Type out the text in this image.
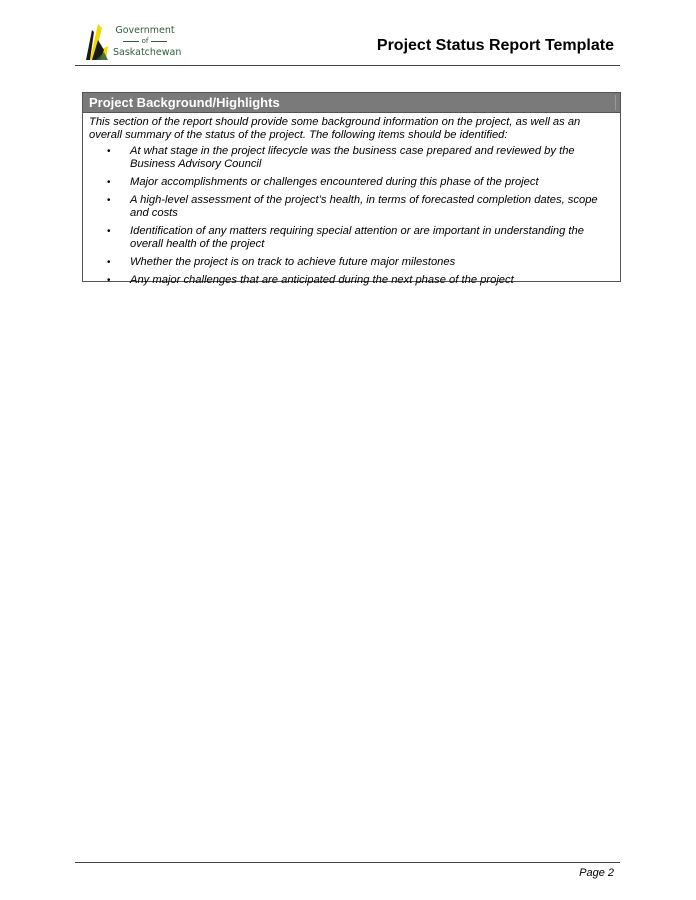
Government
of
Saskatchewan	Project Status Report Template
Project Background/Highlights
This section of the report should provide some background information on the project, as well as an overall summary of the status of the project. The following items should be identified:
• At what stage in the project lifecycle was the business case prepared and reviewed by the Business Advisory Council
• Major accomplishments or challenges encountered during this phase of the project
• A high-level assessment of the project’s health, in terms of forecasted completion dates, scope and costs
• Identification of any matters requiring special attention or are important in understanding the overall health of the project
• Whether the project is on track to achieve future major milestones
• Any major challenges that are anticipated during the next phase of the project
Page 2
